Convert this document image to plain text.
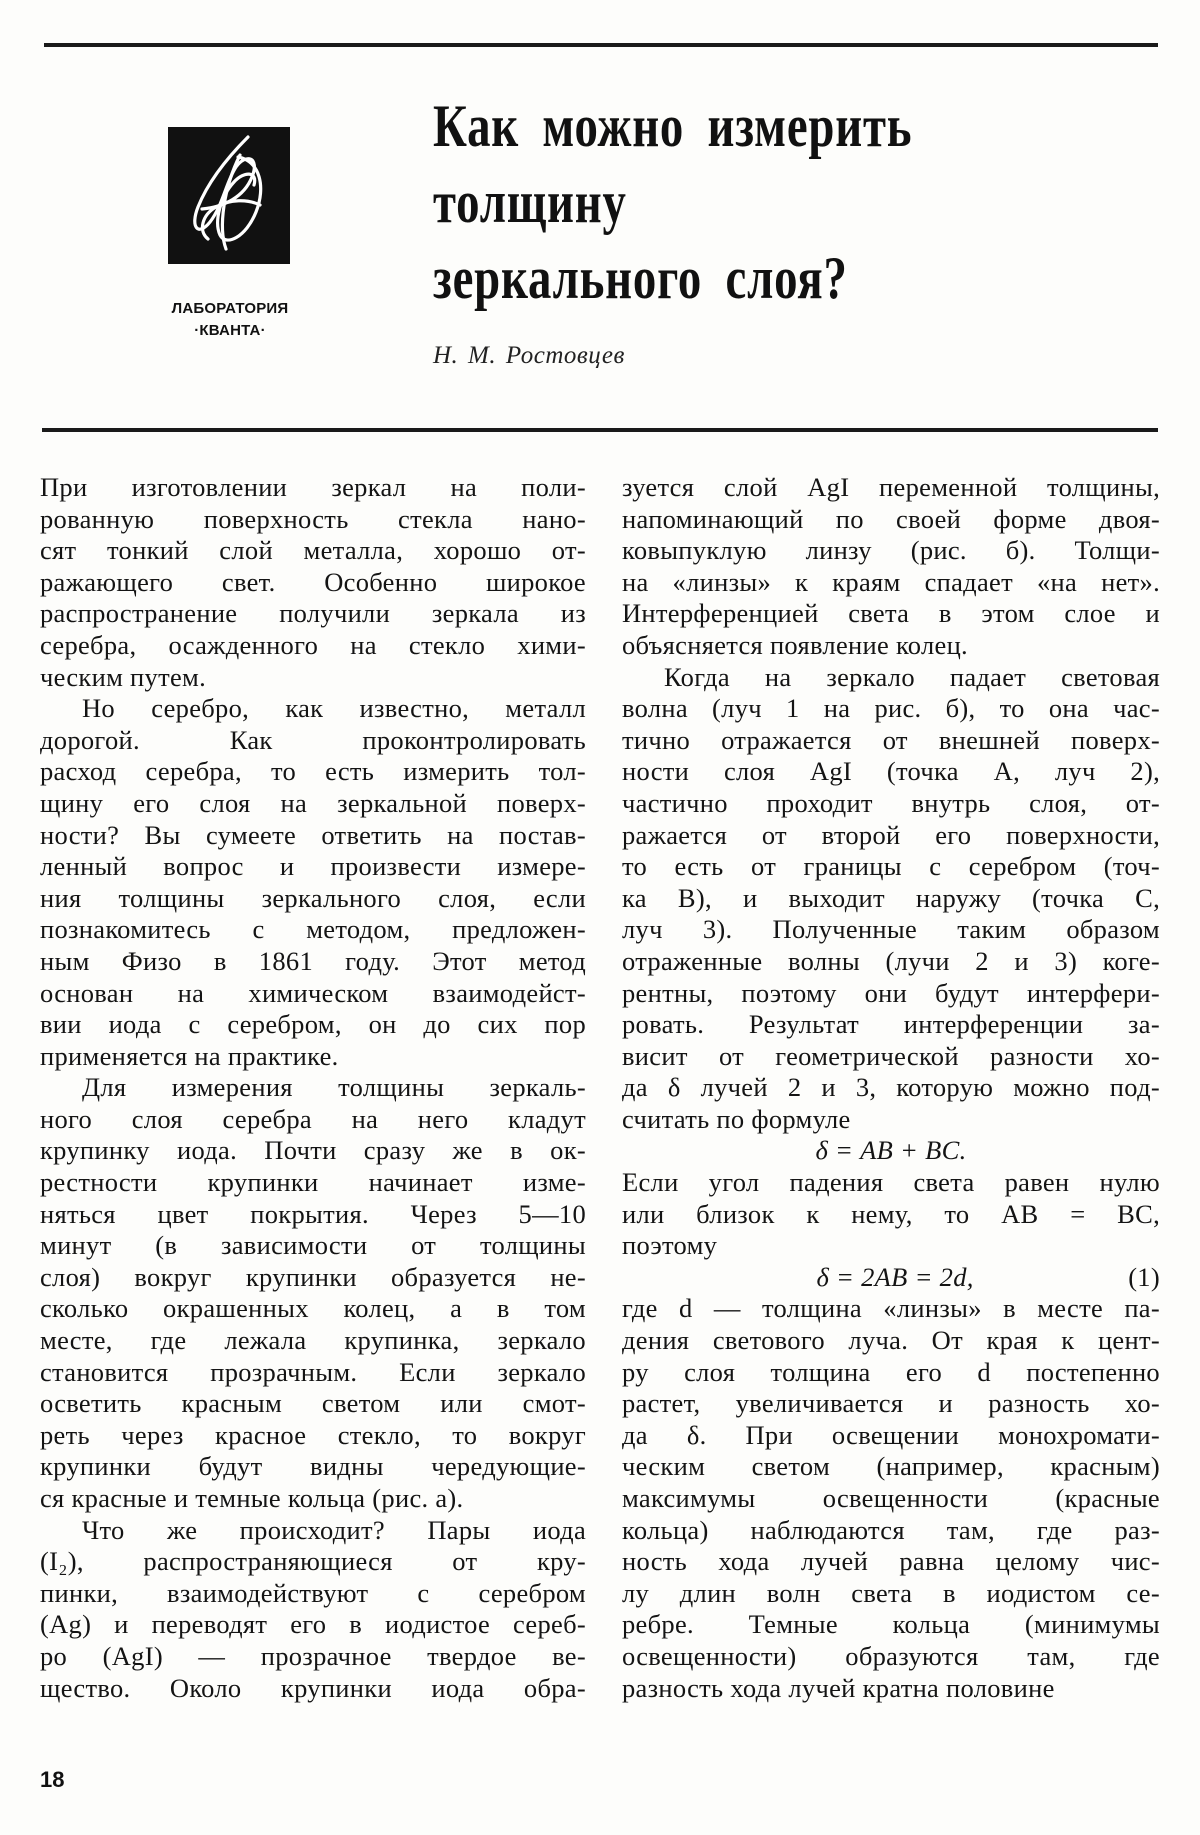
ЛАБОРАТОРИЯ
·КВАНТА·
Как можно измерить
толщину
зеркального слоя?
Н. М. Ростовцев
При изготовлении зеркал на поли-
рованную поверхность стекла нано-
сят тонкий слой металла, хорошо от-
ражающего свет. Особенно широкое
распространение получили зеркала из
серебра, осажденного на стекло хими-
ческим путем.
Но серебро, как известно, металл
дорогой. Как проконтролировать
расход серебра, то есть измерить тол-
щину его слоя на зеркальной поверх-
ности? Вы сумеете ответить на постав-
ленный вопрос и произвести измере-
ния толщины зеркального слоя, если
познакомитесь с методом, предложен-
ным Физо в 1861 году. Этот метод
основан на химическом взаимодейст-
вии иода с серебром, он до сих пор
применяется на практике.
Для измерения толщины зеркаль-
ного слоя серебра на него кладут
крупинку иода. Почти сразу же в ок-
рестности крупинки начинает изме-
няться цвет покрытия. Через 5—10
минут (в зависимости от толщины
слоя) вокруг крупинки образуется не-
сколько окрашенных колец, а в том
месте, где лежала крупинка, зеркало
становится прозрачным. Если зеркало
осветить красным светом или смот-
реть через красное стекло, то вокруг
крупинки будут видны чередующие-
ся красные и темные кольца (рис. а).
Что же происходит? Пары иода
(I₂), распространяющиеся от кру-
пинки, взаимодействуют с серебром
(Ag) и переводят его в иодистое сереб-
ро (AgI) — прозрачное твердое ве-
щество. Около крупинки иода обра-
зуется слой AgI переменной толщины,
напоминающий по своей форме двоя-
ковыпуклую линзу (рис. б). Толщи-
на «линзы» к краям спадает «на нет».
Интерференцией света в этом слое и
объясняется появление колец.
Когда на зеркало падает световая
волна (луч 1 на рис. б), то она час-
тично отражается от внешней поверх-
ности слоя AgI (точка A, луч 2),
частично проходит внутрь слоя, от-
ражается от второй его поверхности,
то есть от границы с серебром (точ-
ка B), и выходит наружу (точка C,
луч 3). Полученные таким образом
отраженные волны (лучи 2 и 3) коге-
рентны, поэтому они будут интерфери-
ровать. Результат интерференции за-
висит от геометрической разности хо-
да δ лучей 2 и 3, которую можно под-
считать по формуле
δ = AB + BC.
Если угол падения света равен нулю
или близок к нему, то AB = BC,
поэтому
δ = 2AB = 2d,	(1)
где d — толщина «линзы» в месте па-
дения светового луча. От края к цент-
ру слоя толщина его d постепенно
растет, увеличивается и разность хо-
да δ. При освещении монохромати-
ческим светом (например, красным)
максимумы освещенности (красные
кольца) наблюдаются там, где раз-
ность хода лучей равна целому чис-
лу длин волн света в иодистом се-
ребре. Темные кольца (минимумы
освещенности) образуются там, где
разность хода лучей кратна половине
18
